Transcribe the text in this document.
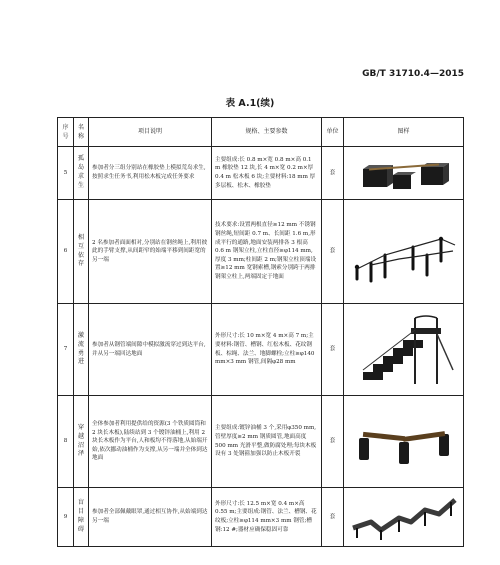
GB/T 31710.4—2015
表 A.1(续)
序号	名称	项目说明	规格、主要参数	单位	图样
5	孤岛求生	参加者分三组分别站在橡胶垫上模拟荒岛求生,按照求生任务书,利用松木板完成任务要求	主要组成:长 0.8 m×宽 0.8 m×高 0.1 m 橡胶垫 12 块,长 4 m×宽 0.2 m×厚 0.4 m 松木板 6 块;主要材料:18 mm 厚多层板、松木、橡胶垫	套	

6	相互依存	2 名参加者面面相对,分别站在钢丝绳上,利用彼此的手臂支撑,从间距窄的始端平移到间距宽的另一端	技术要求:设置两根直径≥12 mm 不锈钢钢丝绳,短间距 0.7 m、长间距 1.6 m,形成平行的通路,地面安装两排各 3 根高 0.6 m 钢架立柱,立柱直径≥φ114 mm,厚度 3 mm;柱间距 2 m;钢架立柱顶端设置≥12 mm 宽钢索槽,钢索分别跨于两排钢架立柱上,两端固定于地面	套	

7	激流勇进	参加者从钢管端间隙中模拟激流穿过到达平台,并从另一端回达地面	外形尺寸:长 10 m×宽 4 m×高 7 m;主要材料:钢管、槽钢、红松木板、花纹钢板、棕绳、法兰、地脚螺栓;立柱≥φ140 mm×3 mm 钢管,间隔φ28 mm	套	

8	穿越沼泽	全体参加者利用提供给的资源(3 个铁质圆筒和 2 块长木板),陆续站到 3 个镀锌油桶上,利用 2 块长木板作为平台,人和板均不得落地,从始端开始,依次挪动油桶作为支撑,从另一端并全体到达地面	主要组成:镀锌油桶 3 个,采用φ350 mm,管壁厚度≥2 mm 钢质圆管,地面高度 500 mm 光滑平整,做防腐处理;每块木板设有 3 处钢箍加强以防止木板开裂	套	

9	盲目障碍	参加者全部佩戴眼罩,通过相互协作,从始端到达另一端	外形尺寸:长 12.5 m×宽 0.4 m×高 0.55 m;主要组成:钢管、法兰、槽钢、花纹板;立柱≥φ114 mm×3 mm 钢管;槽钢:12 #;器材应确保稳固可靠	套	
